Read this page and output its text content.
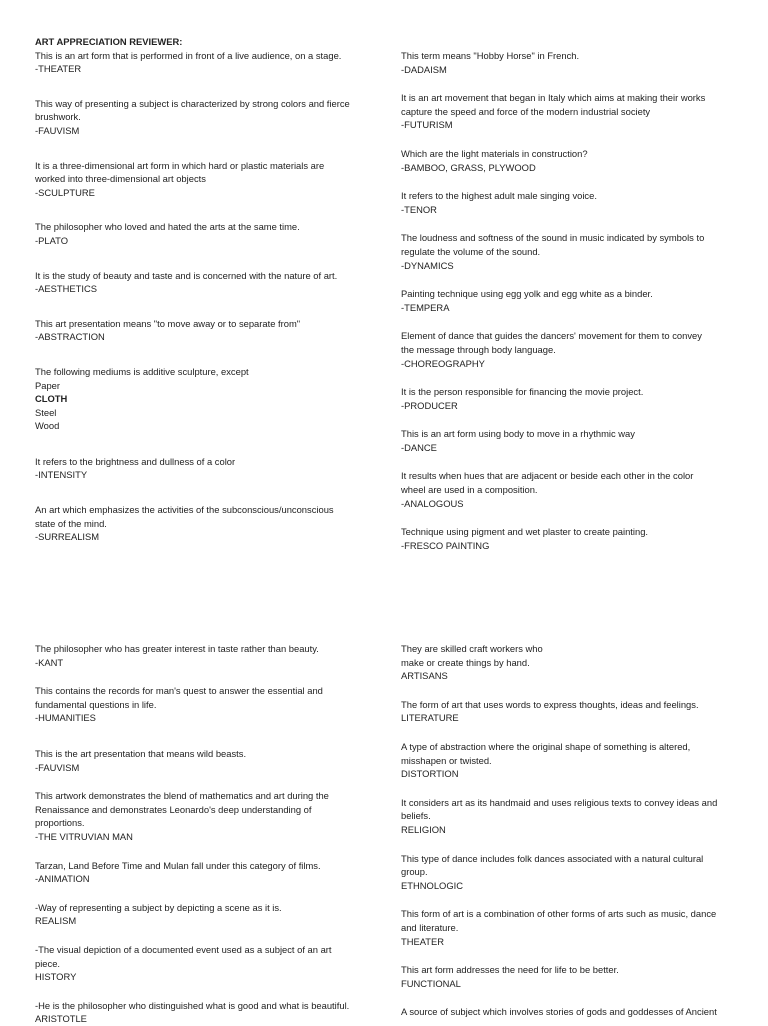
ART APPRECIATION REVIEWER:
This is an art form that is performed in front of a live audience, on a stage.
-THEATER
This way of presenting a subject is characterized by strong colors and fierce
brushwork.
-FAUVISM
It is a three-dimensional art form in which hard or plastic materials are
worked into three-dimensional art objects
-SCULPTURE
The philosopher who loved and hated the arts at the same time.
-PLATO
It is the study of beauty and taste and is concerned with the nature of art.
-AESTHETICS
This art presentation means "to move away or to separate from"
-ABSTRACTION
The following mediums is additive sculpture, except
Paper
CLOTH
Steel
Wood
It refers to the brightness and dullness of a color
-INTENSITY
An art which emphasizes the activities of the subconscious/unconscious
state of the mind.
-SURREALISM
This term means "Hobby Horse" in French.
-DADAISM
It is an art movement that began in Italy which aims at making their works
capture the speed and force of the modern industrial society
-FUTURISM
Which are the light materials in construction?
-BAMBOO, GRASS, PLYWOOD
It refers to the highest adult male singing voice.
-TENOR
The loudness and softness of the sound in music indicated by symbols to
regulate the volume of the sound.
-DYNAMICS
Painting technique using egg yolk and egg white as a binder.
-TEMPERA
Element of dance that guides the dancers' movement for them to convey
the message through body language.
-CHOREOGRAPHY
It is the person responsible for financing the movie project.
-PRODUCER
This is an art form using body to move in a rhythmic way
-DANCE
It results when hues that are adjacent or beside each other in the color
wheel are used in a composition.
-ANALOGOUS
Technique using pigment and wet plaster to create painting.
-FRESCO PAINTING
The philosopher who has greater interest in taste rather than beauty.
-KANT
This contains the records for man's quest to answer the essential and
fundamental questions in life.
-HUMANITIES
This is the art presentation that means wild beasts.
-FAUVISM
This artwork demonstrates the blend of mathematics and art during the
Renaissance and demonstrates Leonardo's deep understanding of
proportions.
-THE VITRUVIAN MAN
Tarzan, Land Before Time and Mulan fall under this category of films.
-ANIMATION
-Way of representing a subject by depicting a scene as it is.
REALISM
-The visual depiction of a documented event used as a subject of an art
piece.
HISTORY
-He is the philosopher who distinguished what is good and what is beautiful.
ARISTOTLE
They are skilled craft workers who
make or create things by hand.
ARTISANS
The form of art that uses words to express thoughts, ideas and feelings.
LITERATURE
A type of abstraction where the original shape of something is altered,
misshapen or twisted.
DISTORTION
It considers art as its handmaid and uses religious texts to convey ideas and
beliefs.
RELIGION
This type of dance includes folk dances associated with a natural cultural
group.
ETHNOLOGIC
This form of art is a combination of other forms of arts such as music, dance
and literature.
THEATER
This art form addresses the need for life to be better.
FUNCTIONAL
A source of subject which involves stories of gods and goddesses of Ancient
